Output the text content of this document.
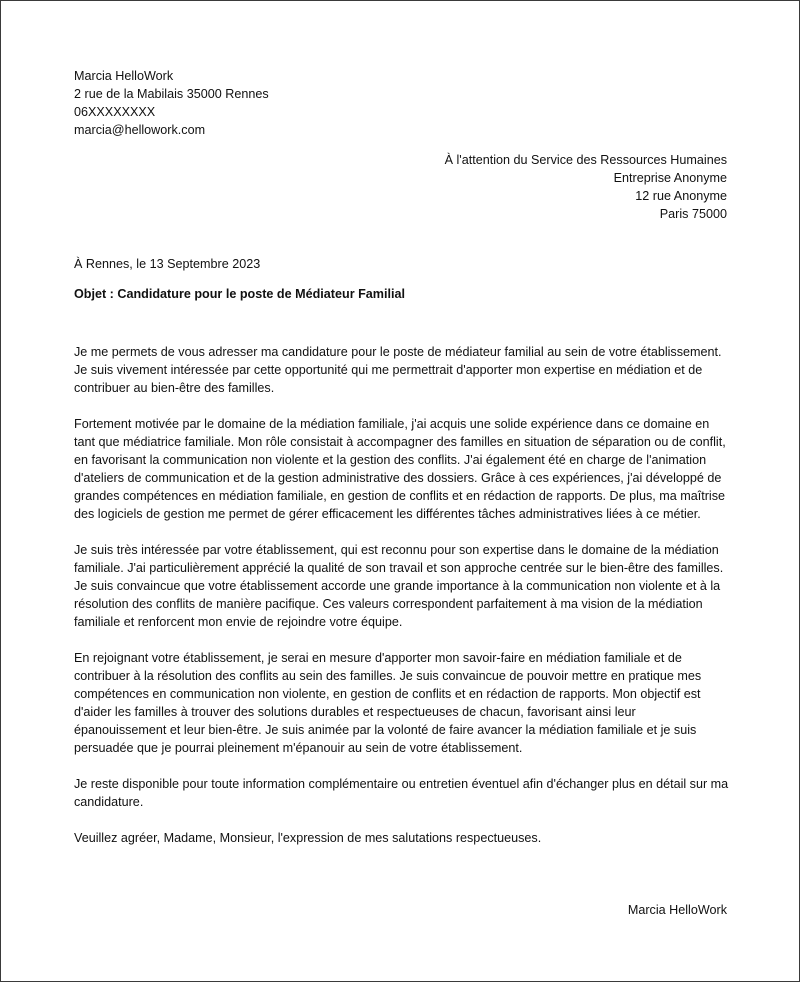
Marcia HelloWork
2 rue de la Mabilais 35000 Rennes
06XXXXXXXX
marcia@hellowork.com
À l'attention du Service des Ressources Humaines
Entreprise Anonyme
12 rue Anonyme
Paris 75000
À Rennes, le 13 Septembre 2023
Objet : Candidature pour le poste de Médiateur Familial

Je me permets de vous adresser ma candidature pour le poste de médiateur familial au sein de votre établissement. Je suis vivement intéressée par cette opportunité qui me permettrait d'apporter mon expertise en médiation et de contribuer au bien-être des familles.

Fortement motivée par le domaine de la médiation familiale, j'ai acquis une solide expérience dans ce domaine en tant que médiatrice familiale. Mon rôle consistait à accompagner des familles en situation de séparation ou de conflit, en favorisant la communication non violente et la gestion des conflits. J'ai également été en charge de l'animation d'ateliers de communication et de la gestion administrative des dossiers. Grâce à ces expériences, j'ai développé de grandes compétences en médiation familiale, en gestion de conflits et en rédaction de rapports. De plus, ma maîtrise des logiciels de gestion me permet de gérer efficacement les différentes tâches administratives liées à ce métier.

Je suis très intéressée par votre établissement, qui est reconnu pour son expertise dans le domaine de la médiation familiale. J'ai particulièrement apprécié la qualité de son travail et son approche centrée sur le bien-être des familles. Je suis convaincue que votre établissement accorde une grande importance à la communication non violente et à la résolution des conflits de manière pacifique. Ces valeurs correspondent parfaitement à ma vision de la médiation familiale et renforcent mon envie de rejoindre votre équipe.

En rejoignant votre établissement, je serai en mesure d'apporter mon savoir-faire en médiation familiale et de contribuer à la résolution des conflits au sein des familles. Je suis convaincue de pouvoir mettre en pratique mes compétences en communication non violente, en gestion de conflits et en rédaction de rapports. Mon objectif est d'aider les familles à trouver des solutions durables et respectueuses de chacun, favorisant ainsi leur épanouissement et leur bien-être. Je suis animée par la volonté de faire avancer la médiation familiale et je suis persuadée que je pourrai pleinement m'épanouir au sein de votre établissement.

Je reste disponible pour toute information complémentaire ou entretien éventuel afin d'échanger plus en détail sur ma candidature.

Veuillez agréer, Madame, Monsieur, l'expression de mes salutations respectueuses.

Marcia HelloWork
